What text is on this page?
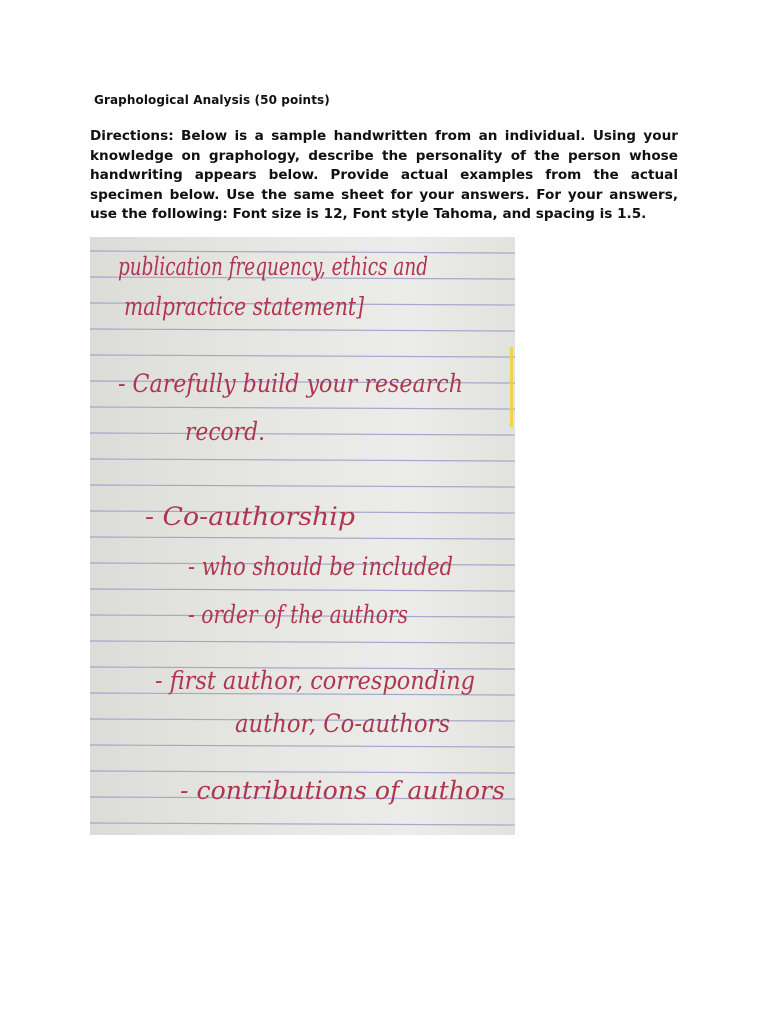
Graphological Analysis (50 points)
Directions: Below is a sample handwritten from an individual. Using your knowledge on graphology, describe the personality of the person whose handwriting appears below. Provide actual examples from the actual specimen below. Use the same sheet for your answers. For your answers, use the following: Font size is 12, Font style Tahoma, and spacing is 1.5.
publication frequency, ethics and
malpractice statement]
- Carefully build your research
record.
- Co-authorship
- who should be included
- order of the authors
- first author, corresponding
author, Co-authors
- contributions of authors
